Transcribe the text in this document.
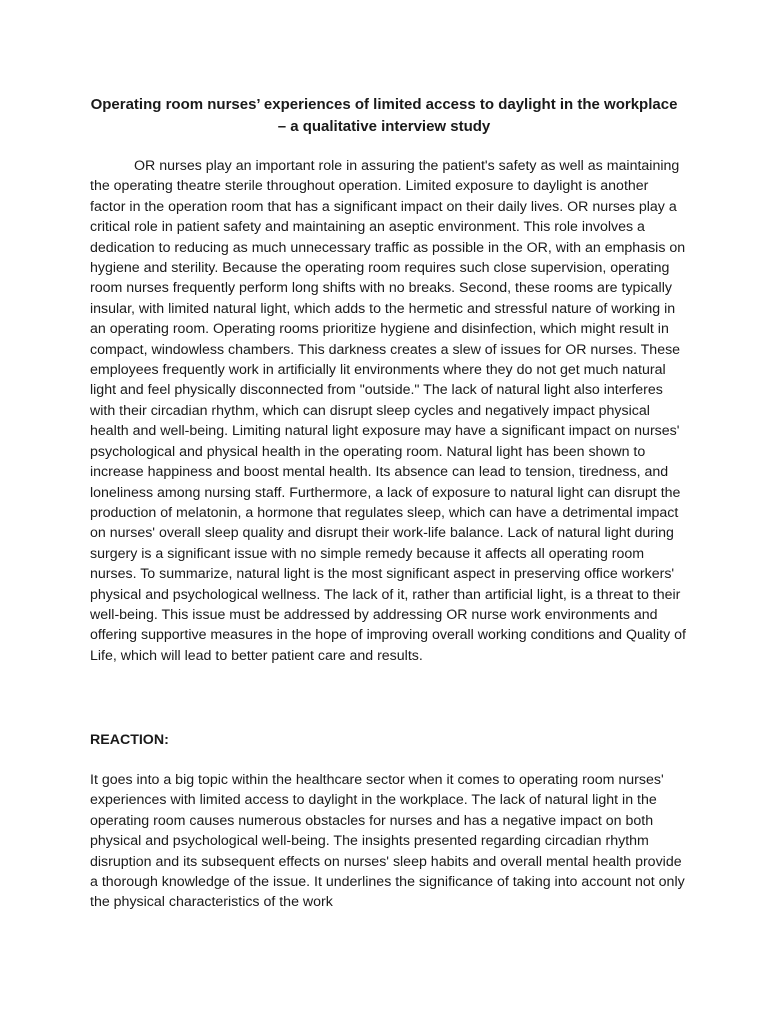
Operating room nurses’ experiences of limited access to daylight in the workplace – a qualitative interview study

OR nurses play an important role in assuring the patient's safety as well as maintaining the operating theatre sterile throughout operation. Limited exposure to daylight is another factor in the operation room that has a significant impact on their daily lives. OR nurses play a critical role in patient safety and maintaining an aseptic environment. This role involves a dedication to reducing as much unnecessary traffic as possible in the OR, with an emphasis on hygiene and sterility. Because the operating room requires such close supervision, operating room nurses frequently perform long shifts with no breaks. Second, these rooms are typically insular, with limited natural light, which adds to the hermetic and stressful nature of working in an operating room. Operating rooms prioritize hygiene and disinfection, which might result in compact, windowless chambers. This darkness creates a slew of issues for OR nurses. These employees frequently work in artificially lit environments where they do not get much natural light and feel physically disconnected from "outside." The lack of natural light also interferes with their circadian rhythm, which can disrupt sleep cycles and negatively impact physical health and well-being. Limiting natural light exposure may have a significant impact on nurses' psychological and physical health in the operating room. Natural light has been shown to increase happiness and boost mental health. Its absence can lead to tension, tiredness, and loneliness among nursing staff. Furthermore, a lack of exposure to natural light can disrupt the production of melatonin, a hormone that regulates sleep, which can have a detrimental impact on nurses' overall sleep quality and disrupt their work-life balance. Lack of natural light during surgery is a significant issue with no simple remedy because it affects all operating room nurses. To summarize, natural light is the most significant aspect in preserving office workers' physical and psychological wellness. The lack of it, rather than artificial light, is a threat to their well-being. This issue must be addressed by addressing OR nurse work environments and offering supportive measures in the hope of improving overall working conditions and Quality of Life, which will lead to better patient care and results.

REACTION:

It goes into a big topic within the healthcare sector when it comes to operating room nurses' experiences with limited access to daylight in the workplace. The lack of natural light in the operating room causes numerous obstacles for nurses and has a negative impact on both physical and psychological well-being. The insights presented regarding circadian rhythm disruption and its subsequent effects on nurses' sleep habits and overall mental health provide a thorough knowledge of the issue. It underlines the significance of taking into account not only the physical characteristics of the work
